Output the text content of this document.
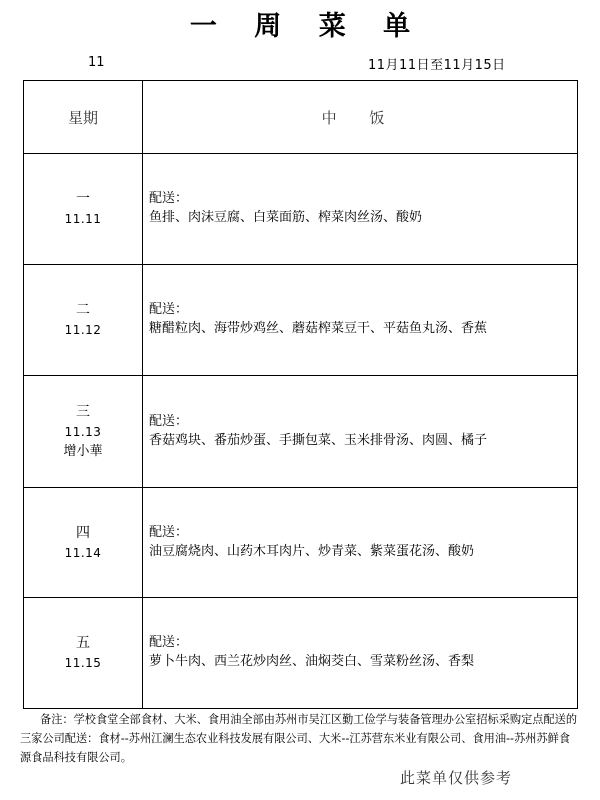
一 周 菜 单
11	11月11日至11月15日
星期	中 饭

一
11.11	配送：
鱼排、肉沫豆腐、白菜面筋、榨菜肉丝汤、酸奶

二
11.12	配送：
糖醋粒肉、海带炒鸡丝、蘑菇榨菜豆干、平菇鱼丸汤、香蕉

三
11.13
增小華	配送：
香菇鸡块、番茄炒蛋、手撕包菜、玉米排骨汤、肉圆、橘子

四
11.14	配送：
油豆腐烧肉、山药木耳肉片、炒青菜、紫菜蛋花汤、酸奶

五
11.15	配送：
萝卜牛肉、西兰花炒肉丝、油焖茭白、雪菜粉丝汤、香梨
备注：学校食堂全部食材、大米、食用油全部由苏州市吴江区勤工俭学与装备管理办公室招标采购定点配送的三家公司配送：食材--苏州江澜生态农业科技发展有限公司、大米--江苏营东米业有限公司、食用油--苏州苏鲜食源食品科技有限公司。
此菜单仅供参考
